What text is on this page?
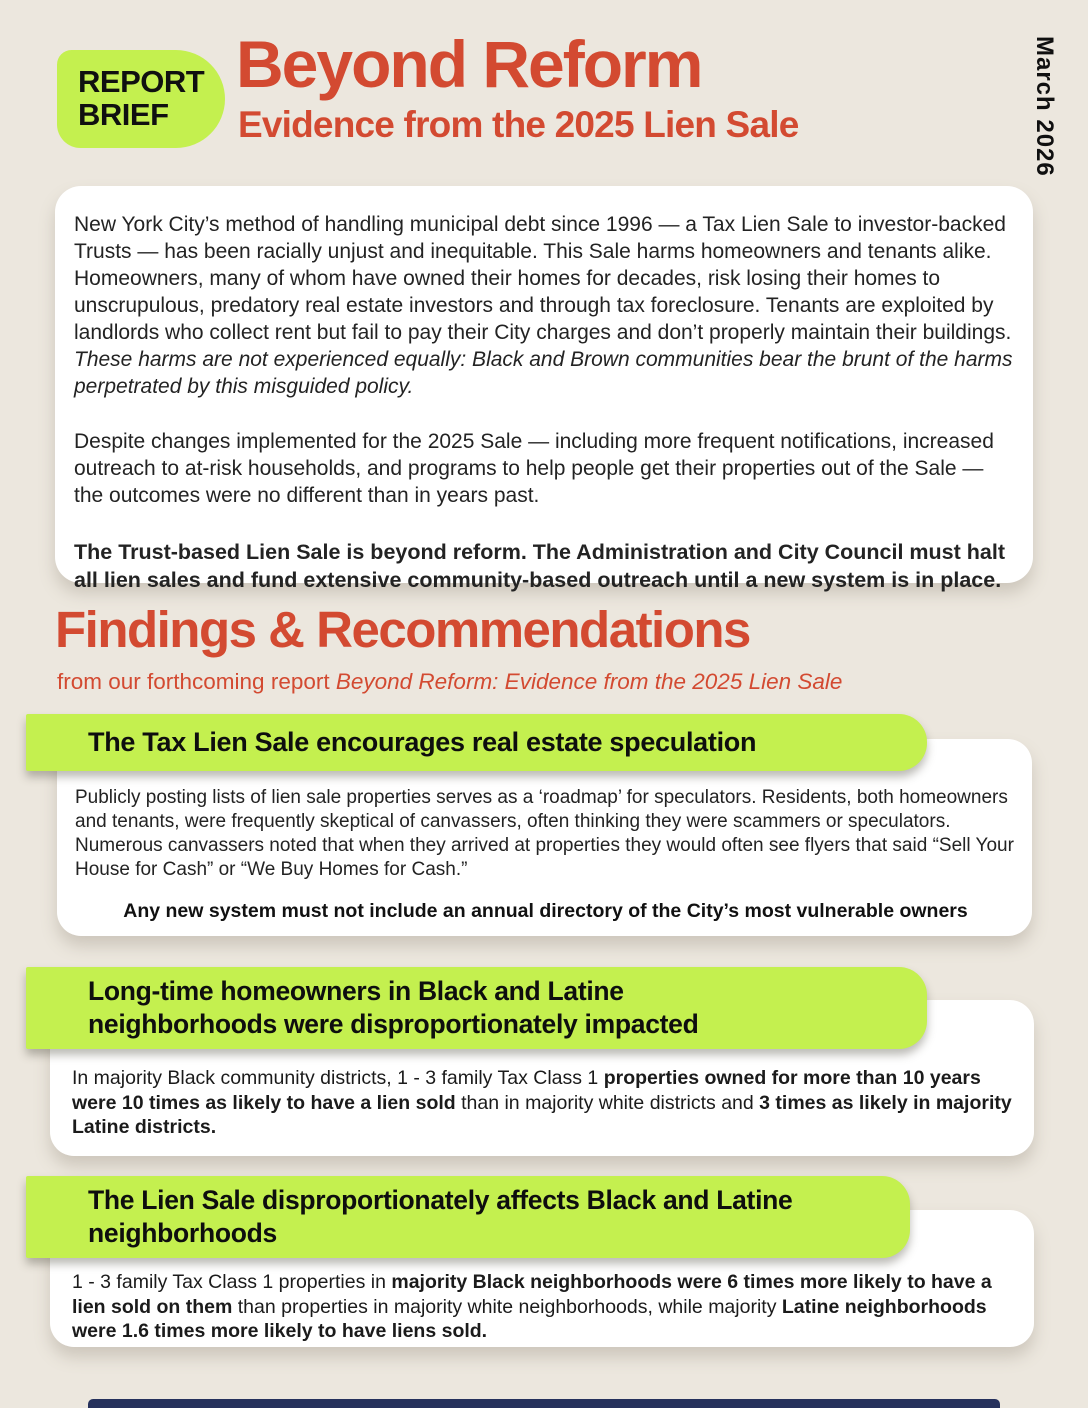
REPORT
BRIEF
Beyond Reform
Evidence from the 2025 Lien Sale	March 2026

New York City’s method of handling municipal debt since 1996 — a Tax Lien Sale to investor-backed Trusts — has been racially unjust and inequitable. This Sale harms homeowners and tenants alike. Homeowners, many of whom have owned their homes for decades, risk losing their homes to unscrupulous, predatory real estate investors and through tax foreclosure. Tenants are exploited by landlords who collect rent but fail to pay their City charges and don’t properly maintain their buildings. These harms are not experienced equally: Black and Brown communities bear the brunt of the harms perpetrated by this misguided policy.

Despite changes implemented for the 2025 Sale — including more frequent notifications, increased outreach to at-risk households, and programs to help people get their properties out of the Sale — the outcomes were no different than in years past.

The Trust-based Lien Sale is beyond reform. The Administration and City Council must halt all lien sales and fund extensive community-based outreach until a new system is in place.

Findings & Recommendations
from our forthcoming report Beyond Reform: Evidence from the 2025 Lien Sale
The Tax Lien Sale encourages real estate speculation

Publicly posting lists of lien sale properties serves as a ‘roadmap’ for speculators. Residents, both homeowners and tenants, were frequently skeptical of canvassers, often thinking they were scammers or speculators. Numerous canvassers noted that when they arrived at properties they would often see flyers that said “Sell Your House for Cash” or “We Buy Homes for Cash.”

Any new system must not include an annual directory of the City’s most vulnerable owners

Long-time homeowners in Black and Latine neighborhoods were disproportionately impacted

In majority Black community districts, 1 - 3 family Tax Class 1 properties owned for more than 10 years were 10 times as likely to have a lien sold than in majority white districts and 3 times as likely in majority Latine districts.

The Lien Sale disproportionately affects Black and Latine neighborhoods

1 - 3 family Tax Class 1 properties in majority Black neighborhoods were 6 times more likely to have a lien sold on them than properties in majority white neighborhoods, while majority Latine neighborhoods were 1.6 times more likely to have liens sold.
